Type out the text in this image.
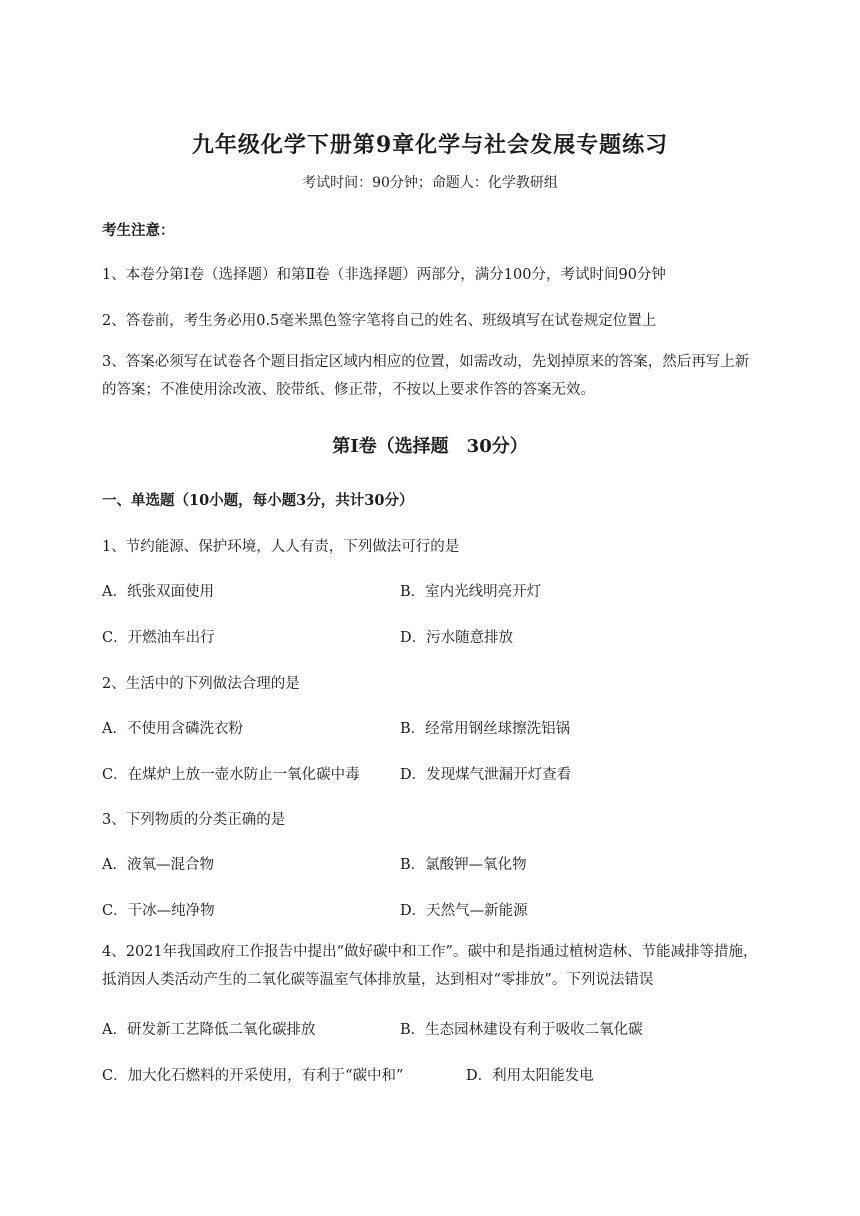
九年级化学下册第9章化学与社会发展专题练习
考试时间：90分钟；命题人：化学教研组
考生注意：
1、本卷分第Ⅰ卷（选择题）和第Ⅱ卷（非选择题）两部分，满分100分，考试时间90分钟
2、答卷前，考生务必用0.5毫米黑色签字笔将自己的姓名、班级填写在试卷规定位置上
3、答案必须写在试卷各个题目指定区域内相应的位置，如需改动，先划掉原来的答案，然后再写上新的答案；不准使用涂改液、胶带纸、修正带，不按以上要求作答的答案无效。
第Ⅰ卷（选择题　30分）
一、单选题（10小题，每小题3分，共计30分）
1、节约能源、保护环境，人人有责，下列做法可行的是
A．纸张双面使用	B．室内光线明亮开灯
C．开燃油车出行	D．污水随意排放
2、生活中的下列做法合理的是
A．不使用含磷洗衣粉	B．经常用钢丝球擦洗铝锅
C．在煤炉上放一壶水防止一氧化碳中毒	D．发现煤气泄漏开灯查看
3、下列物质的分类正确的是
A．液氧—混合物	B．氯酸钾—氧化物
C．干冰—纯净物	D．天然气—新能源
4、2021年我国政府工作报告中提出“做好碳中和工作”。碳中和是指通过植树造林、节能减排等措施，抵消因人类活动产生的二氧化碳等温室气体排放量，达到相对“零排放”。下列说法错误
A．研发新工艺降低二氧化碳排放	B．生态园林建设有利于吸收二氧化碳
C．加大化石燃料的开采使用，有利于“碳中和”	D．利用太阳能发电
